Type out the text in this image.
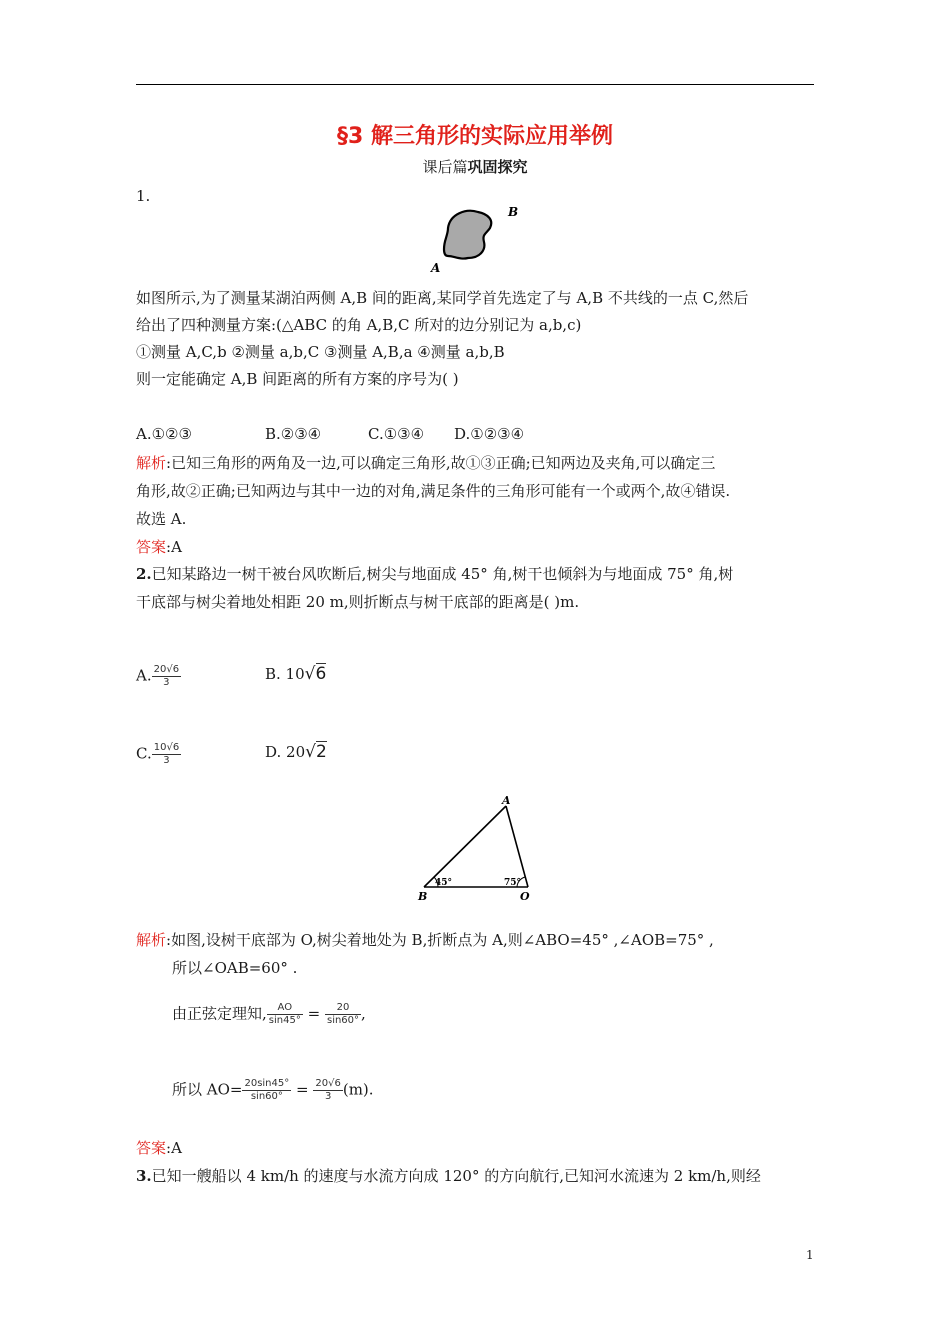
§3 解三角形的实际应用举例
课后篇巩固探究
1.
B
A
如图所示,为了测量某湖泊两侧 A,B 间的距离,某同学首先选定了与 A,B 不共线的一点 C,然后
给出了四种测量方案:(△ABC 的角 A,B,C 所对的边分别记为 a,b,c)
①测量 A,C,b ②测量 a,b,C ③测量 A,B,a ④测量 a,b,B
则一定能确定 A,B 间距离的所有方案的序号为( )
A.①②③	B.②③④	C.①③④ D.①②③④
解析:已知三角形的两角及一边,可以确定三角形,故①③正确;已知两边及夹角,可以确定三
角形,故②正确;已知两边与其中一边的对角,满足条件的三角形可能有一个或两个,故④错误.
故选 A.
答案:A
2.已知某路边一树干被台风吹断后,树尖与地面成 45° 角,树干也倾斜为与地面成 75° 角,树
干底部与树尖着地处相距 20 m,则折断点与树干底部的距离是( )m.
A. $\frac{20√6}{3}$	B. 10√6
C. $\frac{10√6}{3}$	D. 20√2
A
B	O
45°	75°
解析:如图,设树干底部为 O,树尖着地处为 B,折断点为 A,则∠ABO=45° ,∠AOB=75° ,
所以∠OAB=60° .
由正弦定理知, $\frac{AO}{\sin 45^\circ} = \frac{20}{\sin 60^\circ}$ ,
所以 $AO= \frac{20\sin 45^\circ}{\sin 60^\circ} = \frac{20√6}{3} (m)$.
答案:A
3.已知一艘船以 4 km/h 的速度与水流方向成 120° 的方向航行,已知河水流速为 2 km/h,则经
1
